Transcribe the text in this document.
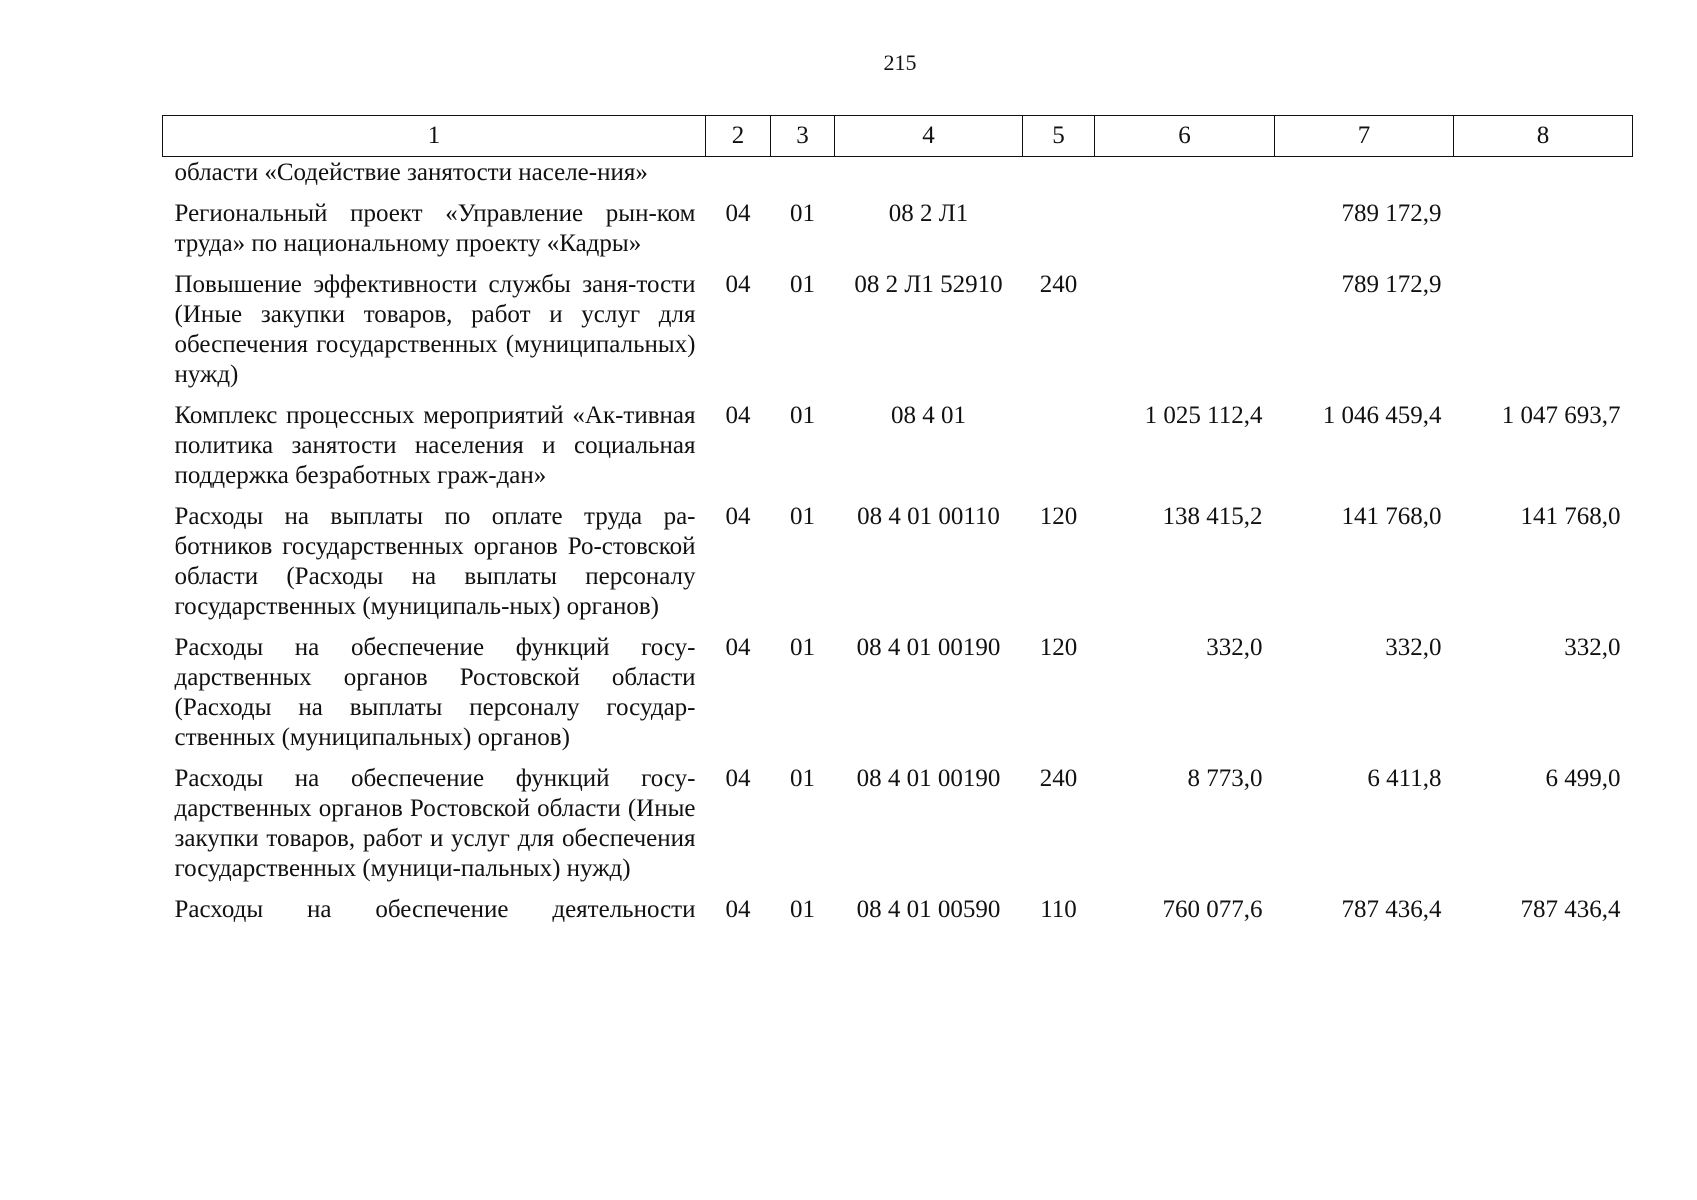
215
1	2	3	4	5	6	7	8
области «Содействие занятости населе-ния»							
Региональный проект «Управление рын-ком труда» по национальному проекту «Кадры»	04	01	08 2 Л1			789 172,9	
Повышение эффективности службы заня-тости (Иные закупки товаров, работ и услуг для обеспечения государственных (муниципальных) нужд)	04	01	08 2 Л1 52910	240		789 172,9	
Комплекс процессных мероприятий «Ак-тивная политика занятости населения и социальная поддержка безработных граж-дан»	04	01	08 4 01		1 025 112,4	1 046 459,4	1 047 693,7
Расходы на выплаты по оплате труда ра-ботников государственных органов Ро-стовской области (Расходы на выплаты персоналу государственных (муниципаль-ных) органов)	04	01	08 4 01 00110	120	138 415,2	141 768,0	141 768,0
Расходы на обеспечение функций госу-дарственных органов Ростовской области (Расходы на выплаты персоналу государ-ственных (муниципальных) органов)	04	01	08 4 01 00190	120	332,0	332,0	332,0
Расходы на обеспечение функций госу-дарственных органов Ростовской области (Иные закупки товаров, работ и услуг для обеспечения государственных (муници-пальных) нужд)	04	01	08 4 01 00190	240	8 773,0	6 411,8	6 499,0
Расходы на обеспечение деятельности	04	01	08 4 01 00590	110	760 077,6	787 436,4	787 436,4
